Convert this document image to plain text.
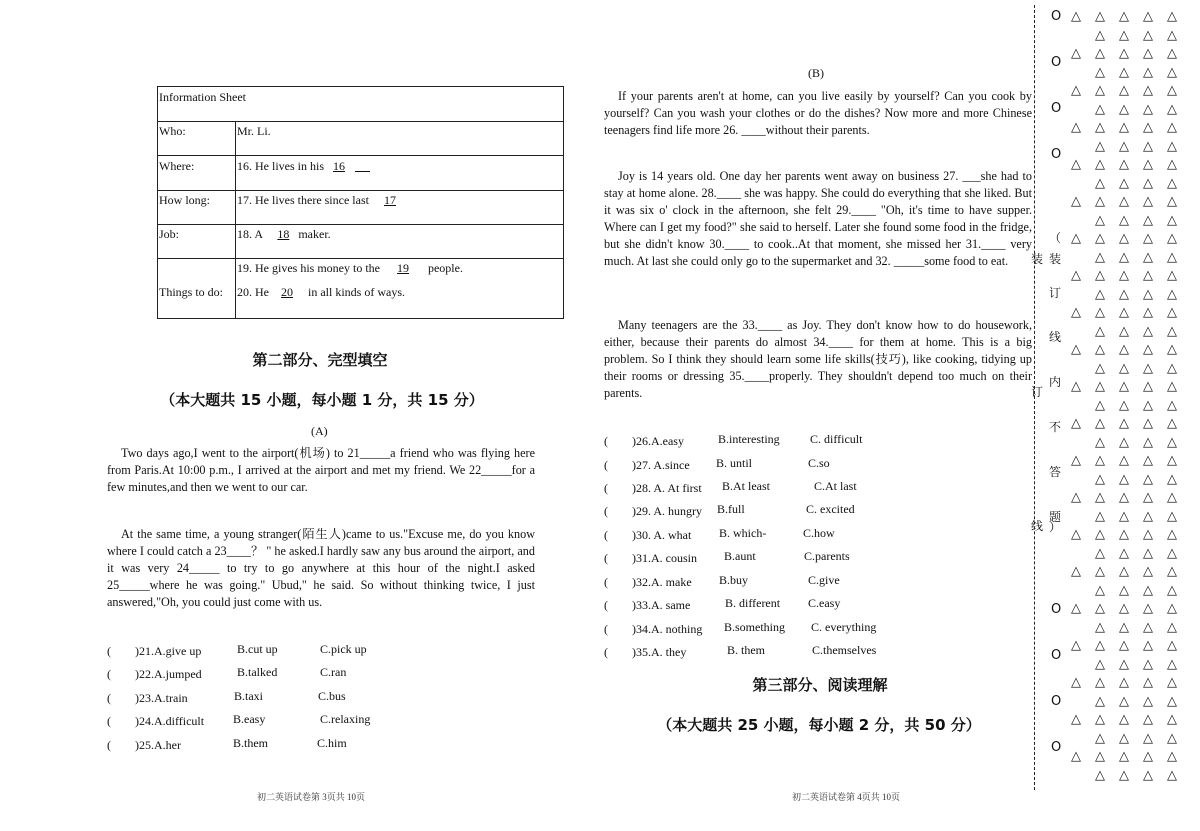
Information Sheet
Who:	Mr. Li.
Where:	16. He lives in his 16
How long: 17. He lives there since last 17
Job:	18. A 18 maker.
Things to do:
19. He gives his money to the 19 people.
20. He 20 in all kinds of ways.
第二部分、完型填空
（本大题共 15 小题，每小题 1 分，共 15 分）
(A)
Two days ago,I went to the airport(机场) to 21_____a friend who was flying here from Paris.At 10:00 p.m., I arrived at the airport and met my friend. We 22_____for a few minutes,and then we went to our car.
At the same time, a young stranger(陌生人)came to us."Excuse me, do you know where I could catch a 23____？ " he asked.I hardly saw any bus around the airport, and it was very 24_____ to try to go anywhere at this hour of the night.I asked 25_____where he was going." Ubud," he said. So without thinking twice, I just answered,"Oh, you could just come with us.
(　　)21.A.give up	B.cut up	C.pick up
(　　)22.A.jumped	B.talked	C.ran
(　　)23.A.train	B.taxi	C.bus
(　　)24.A.difficult B.easy	C.relaxing
(　　)25.A.her	B.them	C.him
初二英语试卷第 3页共 10页
(B)
If your parents aren't at home, can you live easily by yourself? Can you cook by yourself? Can you wash your clothes or do the dishes? Now more and more Chinese teenagers find life more 26. ____without their parents.
Joy is 14 years old. One day her parents went away on business 27. ___she had to stay at home alone. 28.____ she was happy. She could do everything that she liked. But it was six o' clock in the afternoon, she felt 29.____ "Oh, it's time to have supper. Where can I get my food?" she said to herself. Later she found some food in the fridge, but she didn't know 30.____ to cook..At that moment, she missed her 31.____ very much. At last she could only go to the supermarket and 32. _____some food to eat.
Many teenagers are the 33.____ as Joy. They don't know how to do housework, either, because their parents do almost 34.____ for them at home. This is a big problem. So I think they should learn some life skills(技巧), like cooking, tidying up their rooms or dressing 35.____properly. They shouldn't depend too much on their parents.
(　　)26.A.easy	B.interesting	C. difficult
(　　)27. A.since B. until	C.so
(　　)28. A. At first B.At least	C.At last
(　　)29. A. hungry B.full	C. excited
(　　)30. A. what B. which-	C.how
(　　)31.A. cousin B.aunt	C.parents
(　　)32.A. make B.buy	C.give
(　　)33.A. same	B. different C.easy
(　　)34.A. nothing B.something C. everything
(　　)35.A. they	B. them	C.themselves
第三部分、阅读理解
（本大题共 25 小题，每小题 2 分，共 50 分）
初二英语试卷第 4页共 10页
O
O
O
O
O
O
O
O
装
订
线
（
装
订
线
内
不
答
题
）
△ △ △ △ △
△ △ △ △
△ △ △ △ △
△ △ △ △
△ △ △ △ △
△ △ △ △
△ △ △ △ △
△ △ △ △
△ △ △ △ △
△ △ △ △
△ △ △ △ △
△ △ △ △
△ △ △ △ △
△ △ △ △
△ △ △ △ △
△ △ △ △
△ △ △ △ △
△ △ △ △
△ △ △ △ △
△ △ △ △
△ △ △ △ △
△ △ △ △
△ △ △ △ △
△ △ △ △
△ △ △ △ △
△ △ △ △
△ △ △ △ △
△ △ △ △
△ △ △ △ △
△ △ △ △
△ △ △ △ △
△ △ △ △
△ △ △ △ △
△ △ △ △
△ △ △ △ △
△ △ △ △
△ △ △ △ △
△ △ △ △
△ △ △ △ △
△ △ △ △
△ △ △ △ △
△ △ △ △
